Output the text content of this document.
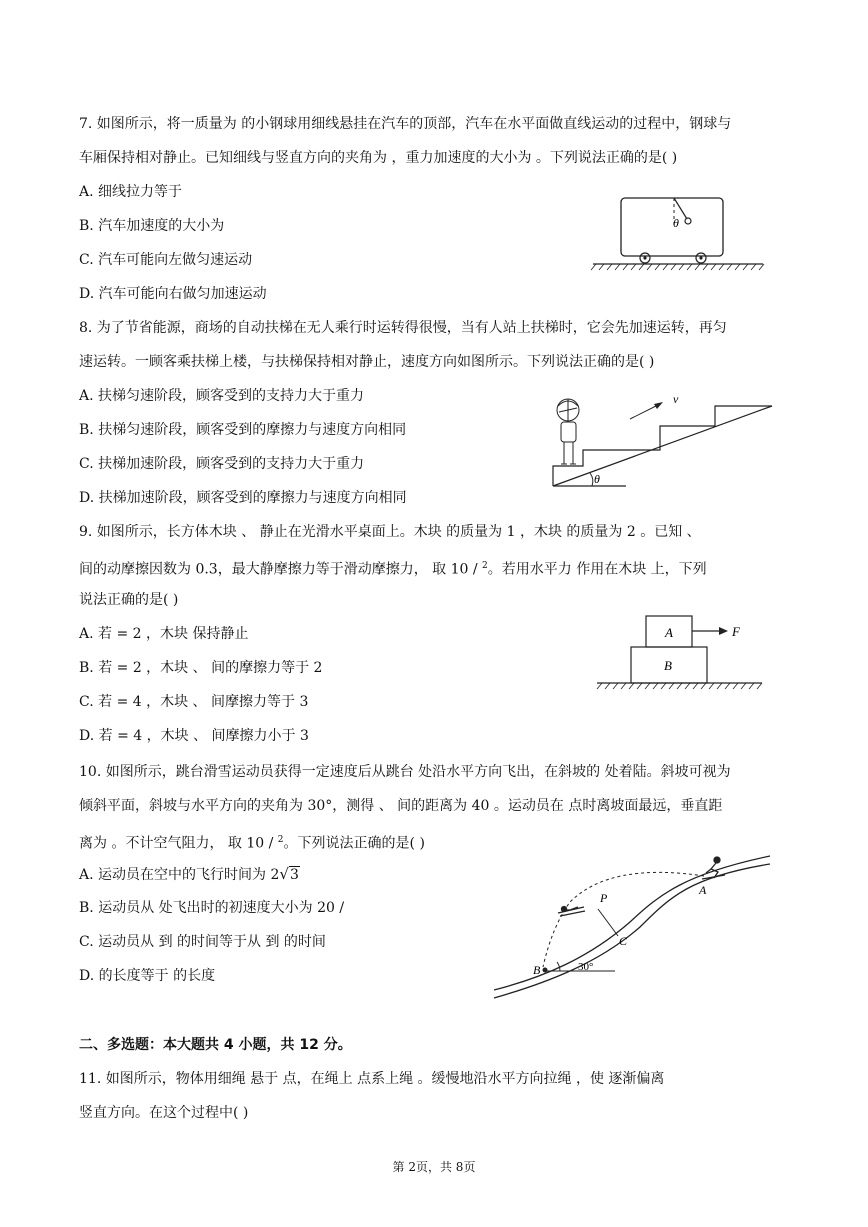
7. 如图所示，将一质量为 的小钢球用细线悬挂在汽车的顶部，汽车在水平面做直线运动的过程中，钢球与
车厢保持相对静止。已知细线与竖直方向的夹角为 ，重力加速度的大小为 。下列说法正确的是( )
A. 细线拉力等于
B. 汽车加速度的大小为
C. 汽车可能向左做匀速运动
D. 汽车可能向右做匀加速运动
θ
8. 为了节省能源，商场的自动扶梯在无人乘行时运转得很慢，当有人站上扶梯时，它会先加速运转，再匀
速运转。一顾客乘扶梯上楼，与扶梯保持相对静止，速度方向如图所示。下列说法正确的是( )
A. 扶梯匀速阶段，顾客受到的支持力大于重力
B. 扶梯匀速阶段，顾客受到的摩擦力与速度方向相同
C. 扶梯加速阶段，顾客受到的支持力大于重力
D. 扶梯加速阶段，顾客受到的摩擦力与速度方向相同
θ
v
9. 如图所示，长方体木块 、 静止在光滑水平桌面上。木块 的质量为 1 ，木块 的质量为 2 。已知 、
间的动摩擦因数为 0.3，最大静摩擦力等于滑动摩擦力， 取 10 / $^2$。若用水平力 作用在木块 上，下列
说法正确的是( )
A. 若 = 2 ，木块 保持静止
B. 若 = 2 ，木块 、 间的摩擦力等于 2
C. 若 = 4 ，木块 、 间摩擦力等于 3
D. 若 = 4 ，木块 、 间摩擦力小于 3
A
B
F
10. 如图所示，跳台滑雪运动员获得一定速度后从跳台 处沿水平方向飞出，在斜坡的 处着陆。斜坡可视为
倾斜平面，斜坡与水平方向的夹角为 30°，测得 、 间的距离为 40 。运动员在 点时离坡面最远，垂直距
离为 。不计空气阻力， 取 10 / $^2$。下列说法正确的是( )
A. 运动员在空中的飞行时间为 2√3
B. 运动员从 处飞出时的初速度大小为 20 /
C. 运动员从 到 的时间等于从 到 的时间
D. 的长度等于 的长度
P
C
B
A
30°
二、多选题：本大题共 4 小题，共 12 分。
11. 如图所示，物体用细绳 悬于 点，在绳上 点系上绳 。缓慢地沿水平方向拉绳 ，使 逐渐偏离
竖直方向。在这个过程中( )
第 2页，共 8页
